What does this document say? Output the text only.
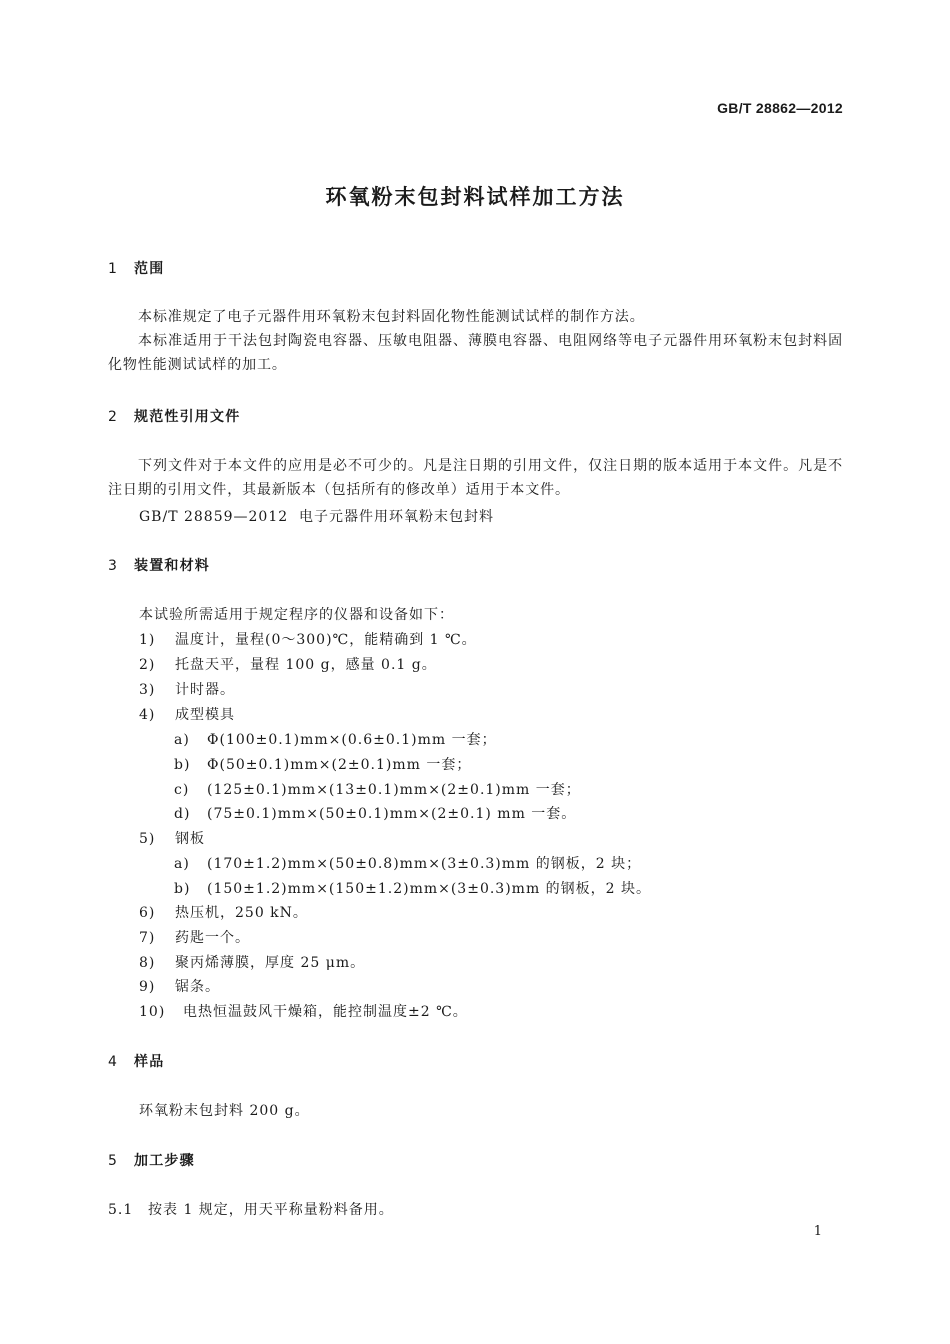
GB/T 28862—2012
环氧粉末包封料试样加工方法
1 范围
本标准规定了电子元器件用环氧粉末包封料固化物性能测试试样的制作方法。
本标准适用于干法包封陶瓷电容器、压敏电阻器、薄膜电容器、电阻网络等电子元器件用环氧粉末包封料固化物性能测试试样的加工。
2 规范性引用文件
下列文件对于本文件的应用是必不可少的。凡是注日期的引用文件，仅注日期的版本适用于本文件。凡是不注日期的引用文件，其最新版本（包括所有的修改单）适用于本文件。
GB/T 28859—2012 电子元器件用环氧粉末包封料
3 装置和材料
本试验所需适用于规定程序的仪器和设备如下：
1) 温度计，量程(0～300)℃，能精确到 1 ℃。
2) 托盘天平，量程 100 g，感量 0.1 g。
3) 计时器。
4) 成型模具
a) Φ(100±0.1)mm×(0.6±0.1)mm 一套；
b) Φ(50±0.1)mm×(2±0.1)mm 一套；
c) (125±0.1)mm×(13±0.1)mm×(2±0.1)mm 一套；
d) (75±0.1)mm×(50±0.1)mm×(2±0.1) mm 一套。
5) 钢板
a) (170±1.2)mm×(50±0.8)mm×(3±0.3)mm 的钢板，2 块；
b) (150±1.2)mm×(150±1.2)mm×(3±0.3)mm 的钢板，2 块。
6) 热压机，250 kN。
7) 药匙一个。
8) 聚丙烯薄膜，厚度 25 μm。
9) 锯条。
10) 电热恒温鼓风干燥箱，能控制温度±2 ℃。
4 样品
环氧粉末包封料 200 g。
5 加工步骤
5.1 按表 1 规定，用天平称量粉料备用。
1
